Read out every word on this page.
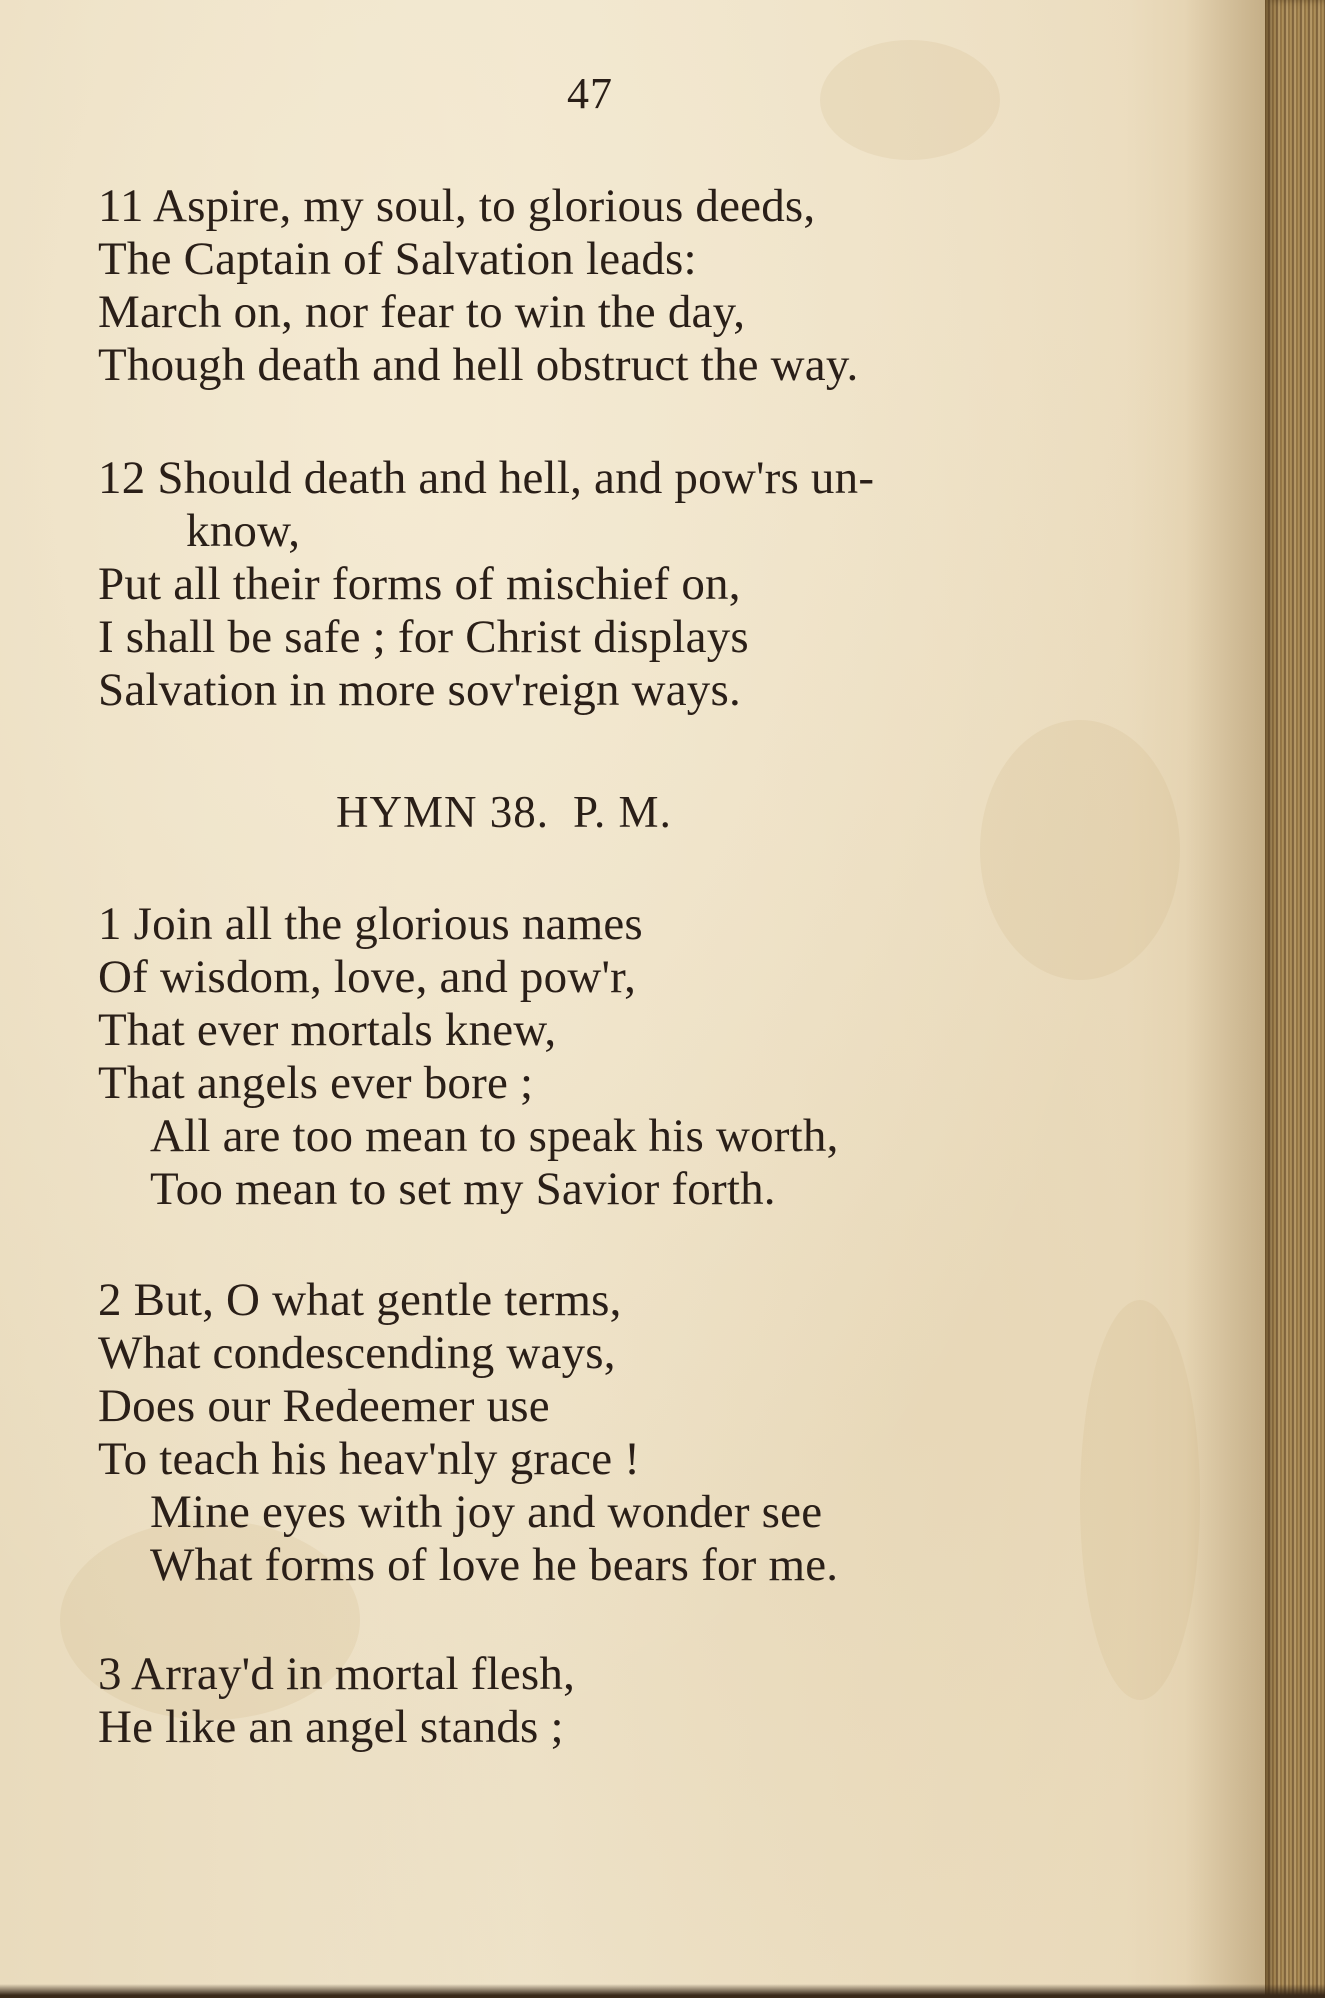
47
11 Aspire, my soul, to glorious deeds,
The Captain of Salvation leads:
March on, nor fear to win the day,
Though death and hell obstruct the way.
12 Should death and hell, and pow'rs un-
know,
Put all their forms of mischief on,
I shall be safe ; for Christ displays
Salvation in more sov'reign ways.
HYMN 38. P. M.
1 Join all the glorious names
Of wisdom, love, and pow'r,
That ever mortals knew,
That angels ever bore ;
All are too mean to speak his worth,
Too mean to set my Savior forth.
2 But, O what gentle terms,
What condescending ways,
Does our Redeemer use
To teach his heav'nly grace !
Mine eyes with joy and wonder see
What forms of love he bears for me.
3 Array'd in mortal flesh,
He like an angel stands ;
